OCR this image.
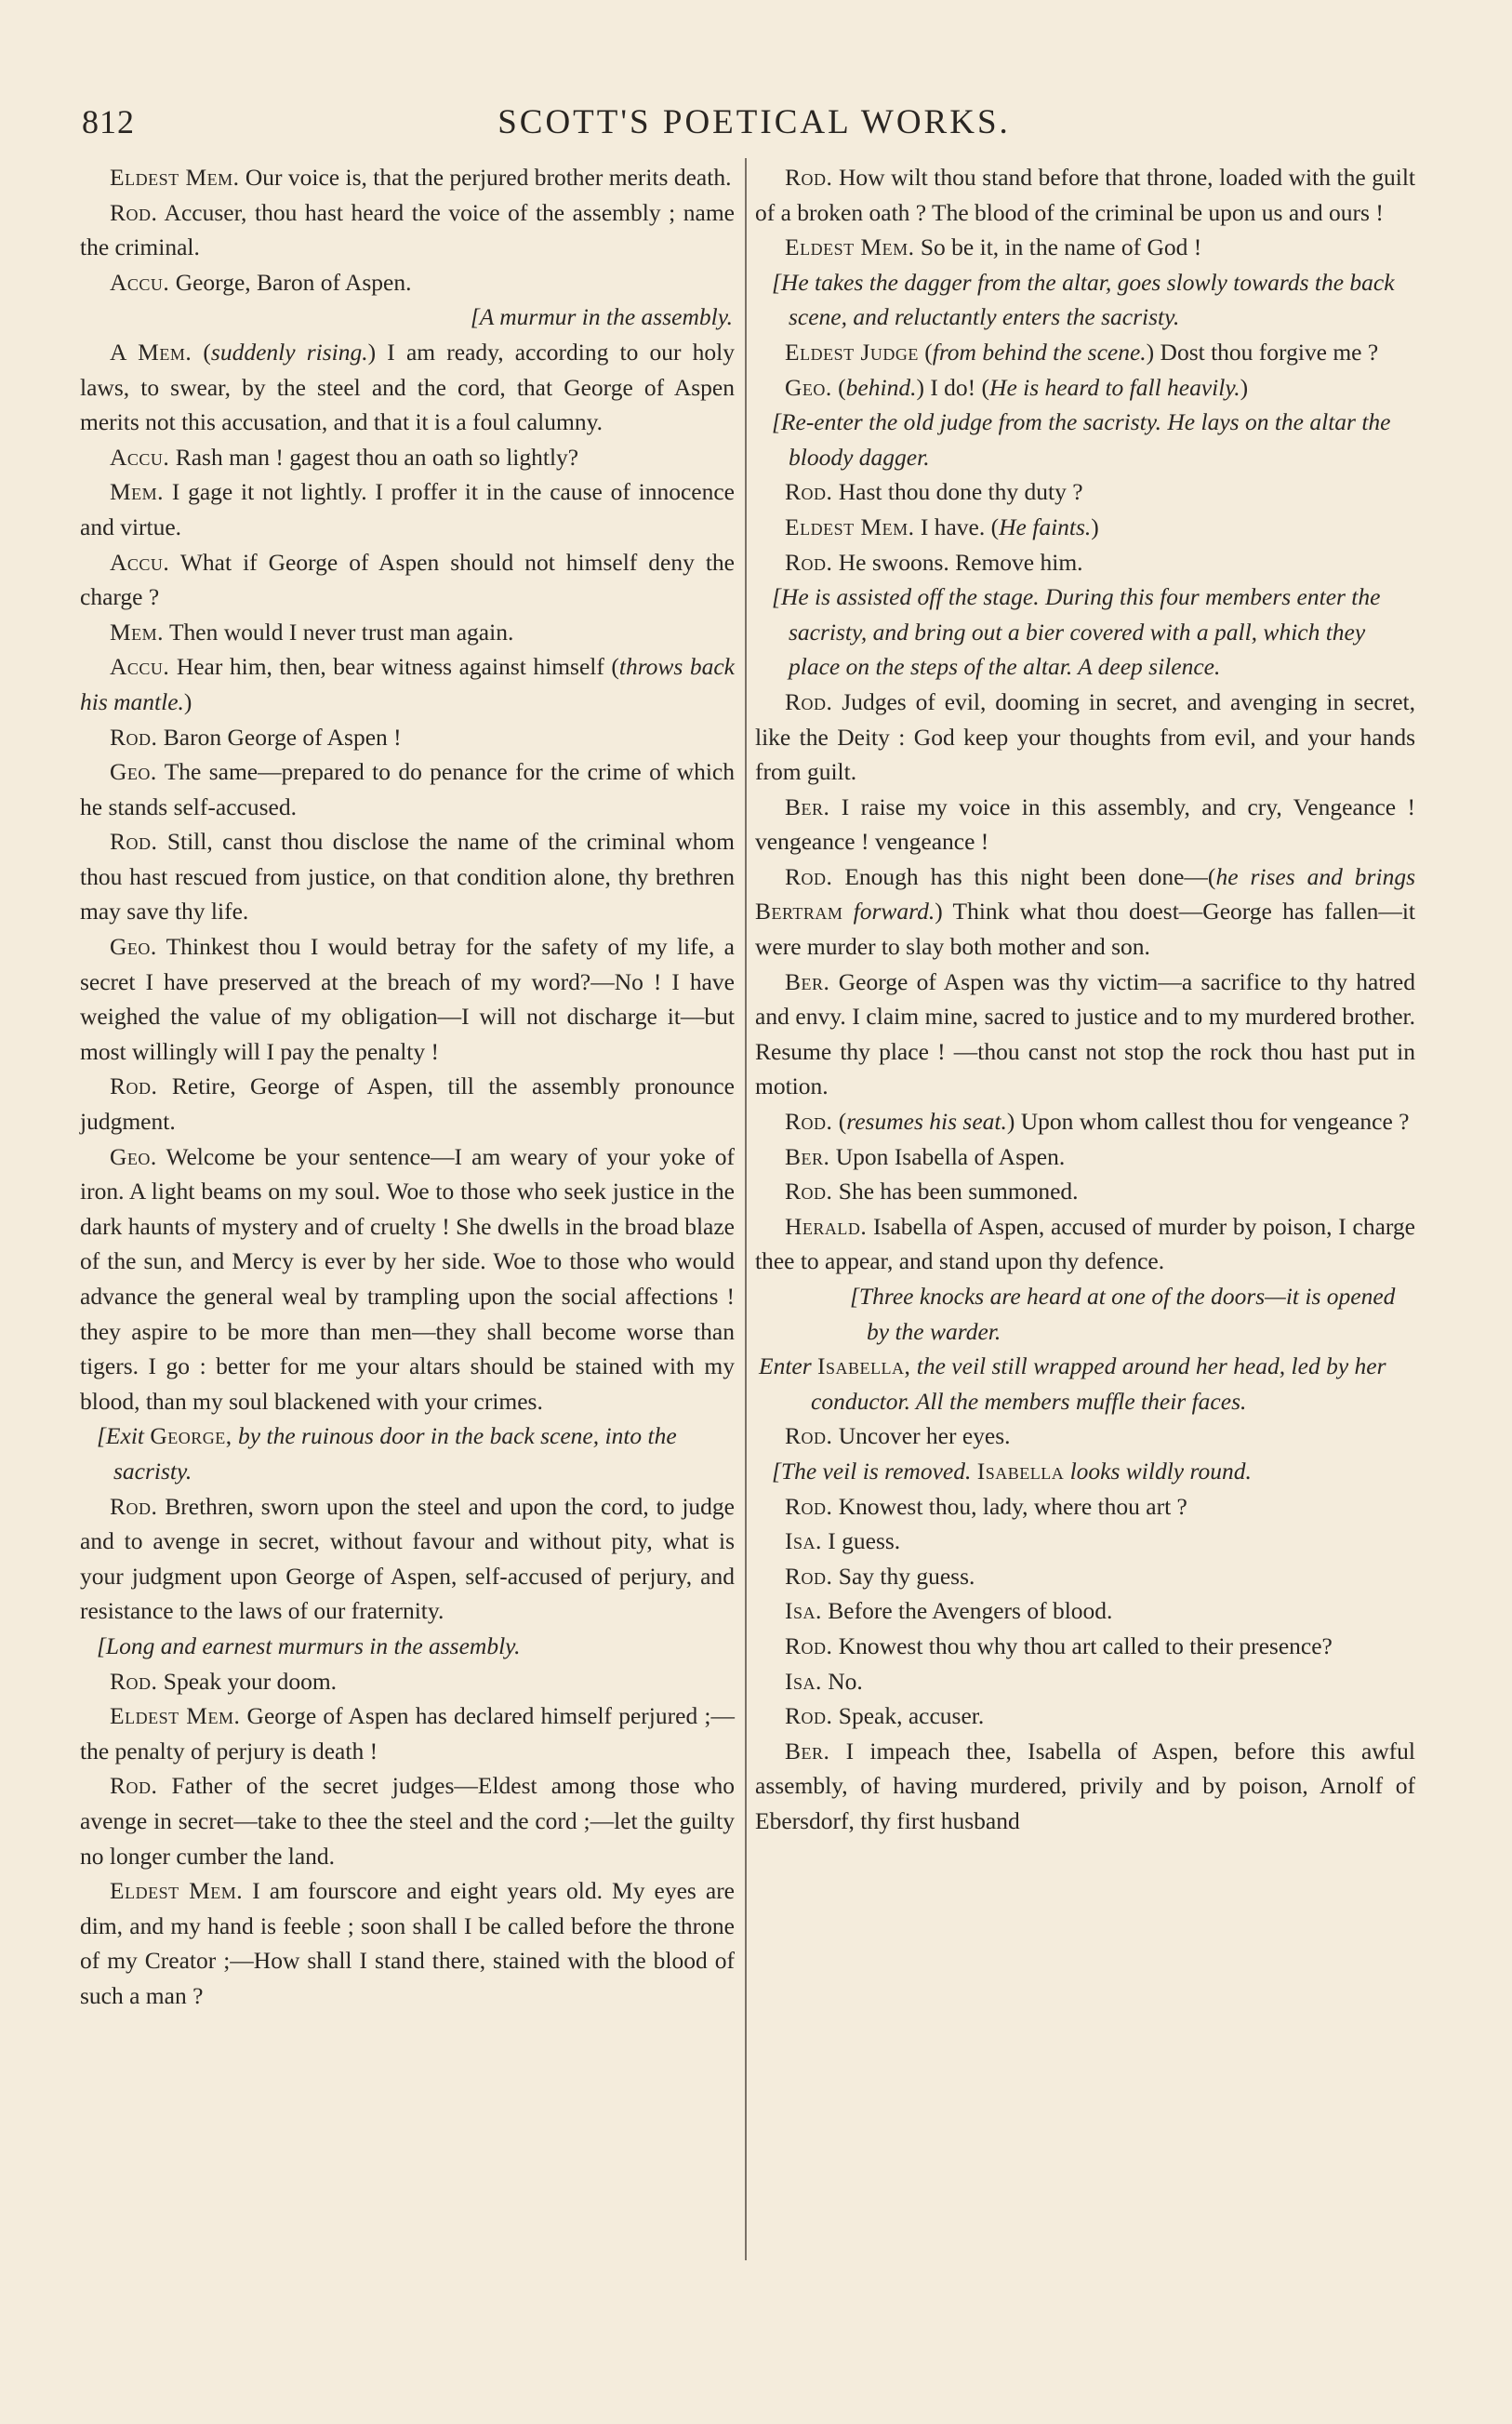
812	SCOTT'S POETICAL WORKS.

Eldest Mem. Our voice is, that the perjured brother merits death.

Rod. Accuser, thou hast heard the voice of the assembly ; name the criminal.

Accu. George, Baron of Aspen.

[A murmur in the assembly.

A Mem. (suddenly rising.) I am ready, according to our holy laws, to swear, by the steel and the cord, that George of Aspen merits not this accusation, and that it is a foul calumny.

Accu. Rash man ! gagest thou an oath so lightly?

Mem. I gage it not lightly. I proffer it in the cause of innocence and virtue.

Accu. What if George of Aspen should not himself deny the charge ?

Mem. Then would I never trust man again.

Accu. Hear him, then, bear witness against himself (throws back his mantle.)

Rod. Baron George of Aspen !

Geo. The same—prepared to do penance for the crime of which he stands self-accused.

Rod. Still, canst thou disclose the name of the criminal whom thou hast rescued from justice, on that condition alone, thy brethren may save thy life.

Geo. Thinkest thou I would betray for the safety of my life, a secret I have preserved at the breach of my word?—No ! I have weighed the value of my obligation—I will not discharge it—but most willingly will I pay the penalty !

Rod. Retire, George of Aspen, till the assembly pronounce judgment.

Geo. Welcome be your sentence—I am weary of your yoke of iron. A light beams on my soul. Woe to those who seek justice in the dark haunts of mystery and of cruelty ! She dwells in the broad blaze of the sun, and Mercy is ever by her side. Woe to those who would advance the general weal by trampling upon the social affections ! they aspire to be more than men—they shall become worse than tigers. I go : better for me your altars should be stained with my blood, than my soul blackened with your crimes.

[Exit George, by the ruinous door in the back scene, into the sacristy.

Rod. Brethren, sworn upon the steel and upon the cord, to judge and to avenge in secret, without favour and without pity, what is your judgment upon George of Aspen, self-accused of perjury, and resistance to the laws of our fraternity.

[Long and earnest murmurs in the assembly.

Rod. Speak your doom.

Eldest Mem. George of Aspen has declared himself perjured ;—the penalty of perjury is death !

Rod. Father of the secret judges—Eldest among those who avenge in secret—take to thee the steel and the cord ;—let the guilty no longer cumber the land.

Eldest Mem. I am fourscore and eight years old. My eyes are dim, and my hand is feeble ; soon shall I be called before the throne of my Creator ;—How shall I stand there, stained with the blood of such a man ?

Rod. How wilt thou stand before that throne, loaded with the guilt of a broken oath ? The blood of the criminal be upon us and ours !

Eldest Mem. So be it, in the name of God !

[He takes the dagger from the altar, goes slowly towards the back scene, and reluctantly enters the sacristy.

Eldest Judge (from behind the scene.) Dost thou forgive me ?

Geo. (behind.) I do! (He is heard to fall heavily.)

[Re-enter the old judge from the sacristy. He lays on the altar the bloody dagger.

Rod. Hast thou done thy duty ?

Eldest Mem. I have. (He faints.)

Rod. He swoons. Remove him.

[He is assisted off the stage. During this four members enter the sacristy, and bring out a bier covered with a pall, which they place on the steps of the altar. A deep silence.

Rod. Judges of evil, dooming in secret, and avenging in secret, like the Deity : God keep your thoughts from evil, and your hands from guilt.

Ber. I raise my voice in this assembly, and cry, Vengeance ! vengeance ! vengeance !

Rod. Enough has this night been done—(he rises and brings Bertram forward.) Think what thou doest—George has fallen—it were murder to slay both mother and son.

Ber. George of Aspen was thy victim—a sacrifice to thy hatred and envy. I claim mine, sacred to justice and to my murdered brother. Resume thy place ! —thou canst not stop the rock thou hast put in motion.

Rod. (resumes his seat.) Upon whom callest thou for vengeance ?

Ber. Upon Isabella of Aspen.

Rod. She has been summoned.

Herald. Isabella of Aspen, accused of murder by poison, I charge thee to appear, and stand upon thy defence.

[Three knocks are heard at one of the doors—it is opened by the warder.

Enter Isabella, the veil still wrapped around her head, led by her conductor. All the members muffle their faces.

Rod. Uncover her eyes.

[The veil is removed. Isabella looks wildly round.

Rod. Knowest thou, lady, where thou art ?

Isa. I guess.

Rod. Say thy guess.

Isa. Before the Avengers of blood.

Rod. Knowest thou why thou art called to their presence?

Isa. No.

Rod. Speak, accuser.

Ber. I impeach thee, Isabella of Aspen, before this awful assembly, of having murdered, privily and by poison, Arnolf of Ebersdorf, thy first husband
